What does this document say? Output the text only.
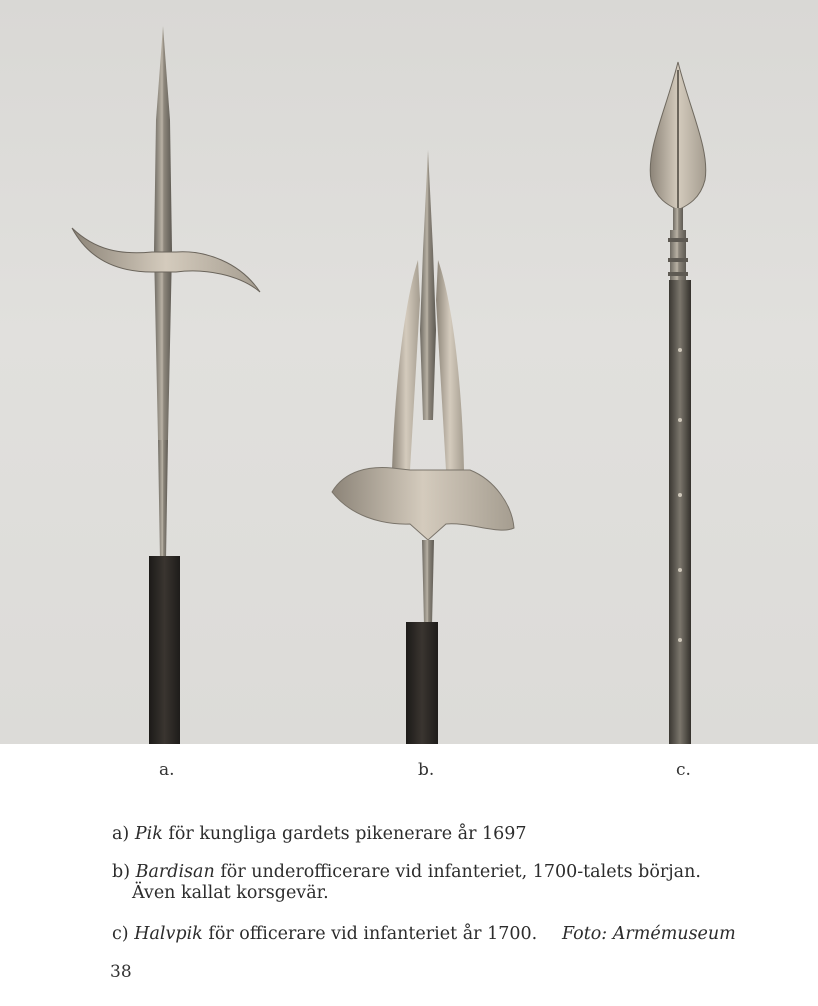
a.	b.	c.
a) Pik för kungliga gardets pikenerare år 1697
b) Bardisan för underofficerare vid infanteriet, 1700-talets början.
Även kallat korsgevär.
c) Halvpik för officerare vid infanteriet år 1700. Foto: Armémuseum
38
